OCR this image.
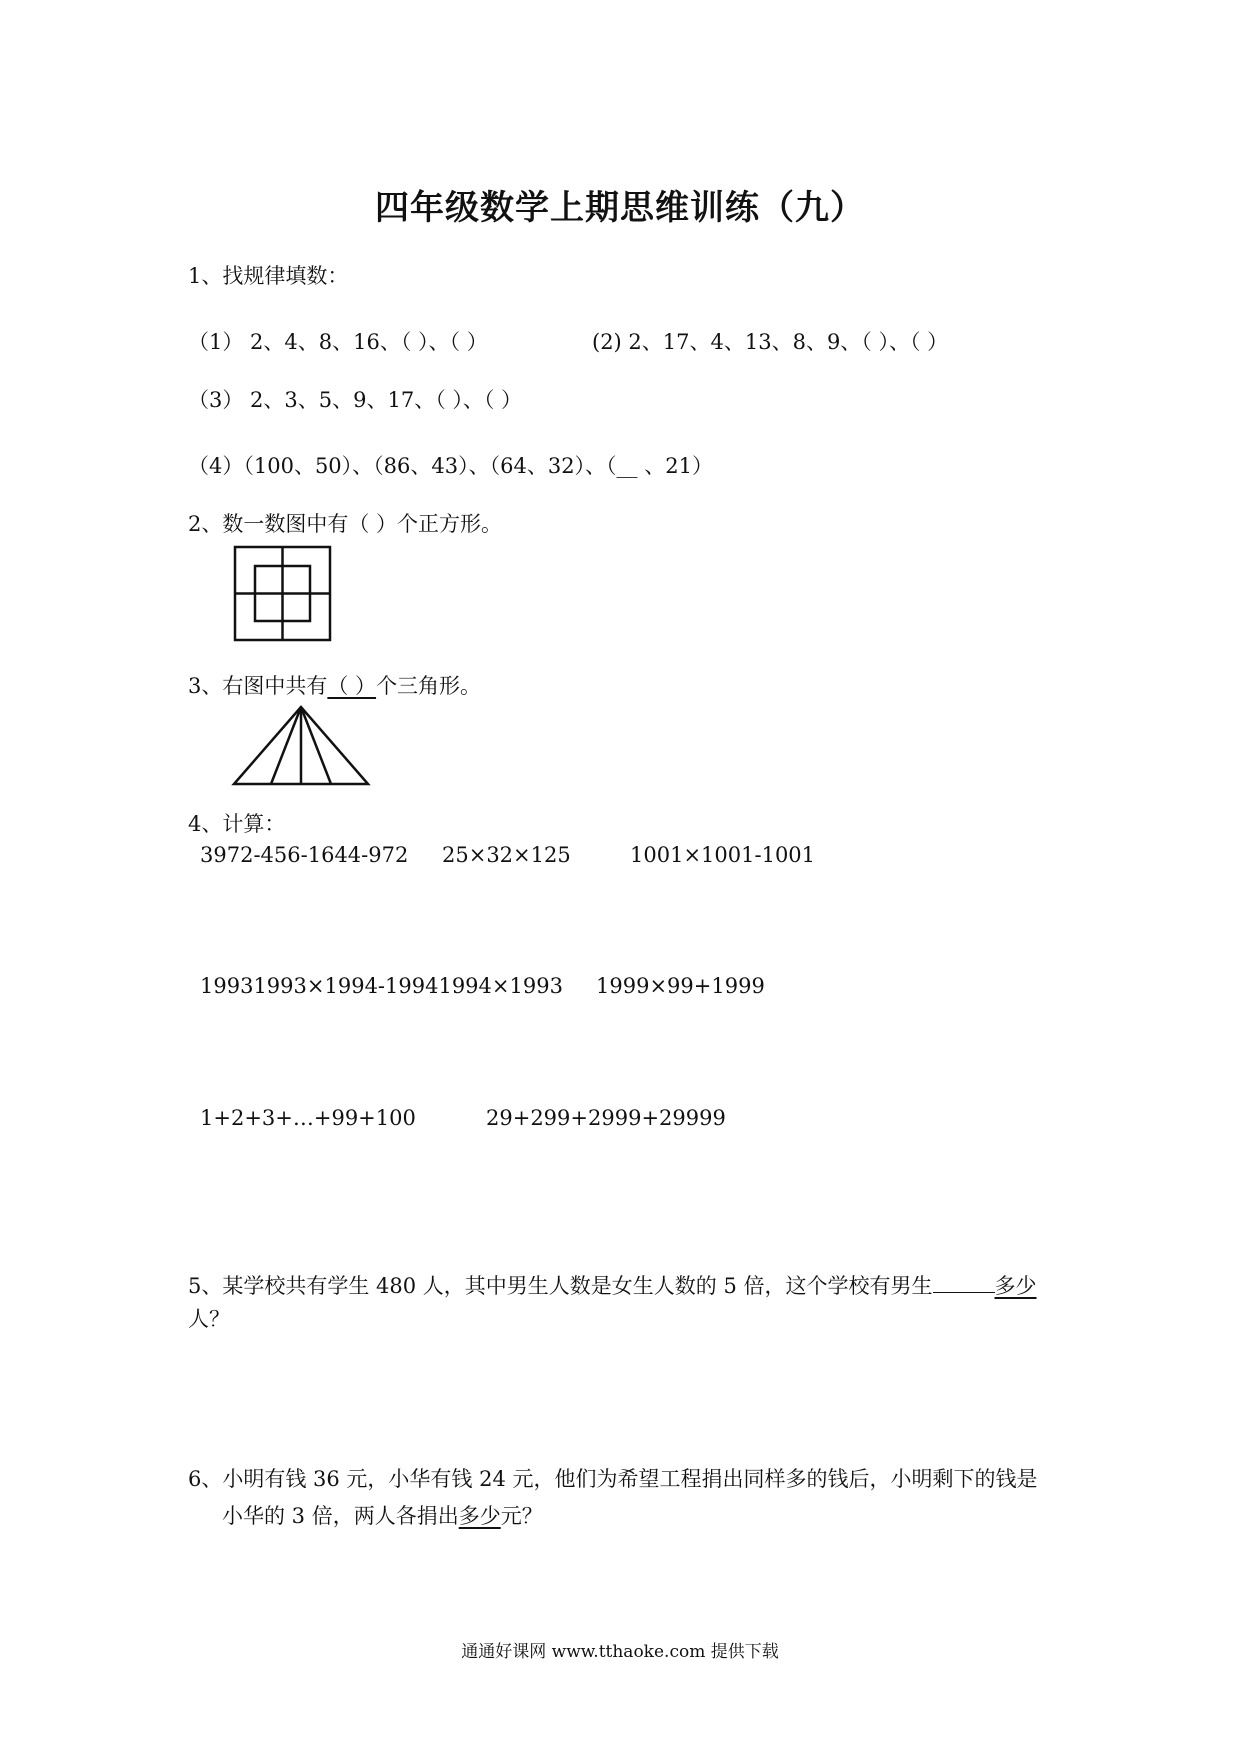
四年级数学上期思维训练（九）
1、找规律填数：
（1） 2、4、8、16、（ ）、（ ）	(2) 2、17、4、13、8、9、（ ）、（ ）
（3） 2、3、5、9、17、（ ）、（ ）
（4）（100、50）、（86、43）、（64、32）、（__ 、21）
2、数一数图中有（ ）个正方形。
3、右图中共有（ ）个三角形。
4、计算：
3972-456-1644-972 25×32×125	1001×1001-1001
19931993×1994-19941994×1993 1999×99+1999
1+2+3+…+99+100	29+299+2999+29999
5、某学校共有学生 480 人，其中男生人数是女生人数的 5 倍，这个学校有男生	多少
人？
6、小明有钱 36 元，小华有钱 24 元，他们为希望工程捐出同样多的钱后，小明剩下的钱是
小华的 3 倍，两人各捐出多少元？
通通好课网 www.tthaoke.com 提供下载
